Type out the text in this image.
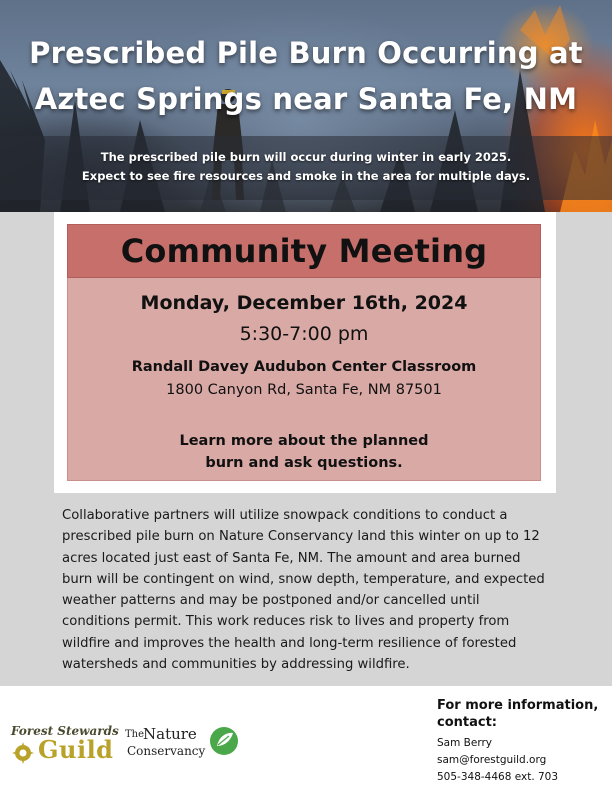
Prescribed Pile Burn Occurring at
Aztec Springs near Santa Fe, NM
The prescribed pile burn will occur during winter in early 2025.
Expect to see fire resources and smoke in the area for multiple days.
Community Meeting
Monday, December 16th, 2024
5:30-7:00 pm
Randall Davey Audubon Center Classroom
1800 Canyon Rd, Santa Fe, NM 87501
Learn more about the planned
burn and ask questions.
Collaborative partners will utilize snowpack conditions to conduct a
prescribed pile burn on Nature Conservancy land this winter on up to 12
acres located just east of Santa Fe, NM. The amount and area burned
burn will be contingent on wind, snow depth, temperature, and expected
weather patterns and may be postponed and/or cancelled until
conditions permit. This work reduces risk to lives and property from
wildfire and improves the health and long-term resilience of forested
watersheds and communities by addressing wildfire.
Forest Stewards
Guild
The
Nature
Conservancy
For more information,
contact:
Sam Berry
sam@forestguild.org
505-348-4468 ext. 703
